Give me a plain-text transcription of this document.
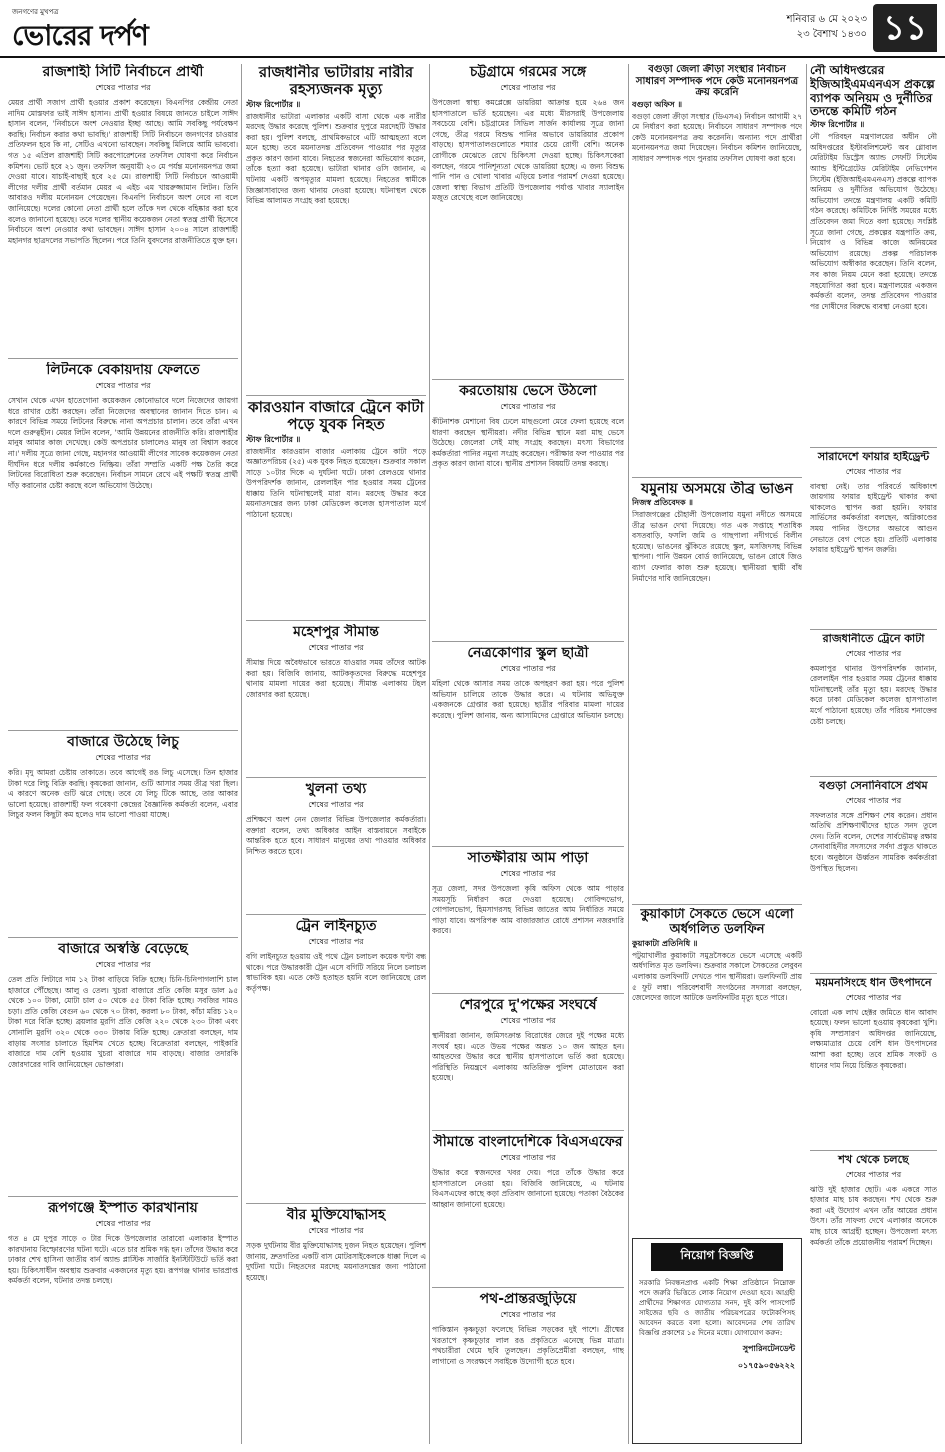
জনগণের মুখপত্র
ভোরের দর্পণ	শনিবার ৬ মে ২০২৩
২৩ বৈশাখ ১৪৩০ ১১
রাজশাহী সিটি নির্বাচনে প্রার্থী
শেষের পাতার পর

মেয়র প্রার্থী সজাগ প্রার্থী হওয়ার প্রকাশ করেছেন। বিএনপির কেন্দ্রীয় নেতা নাদিম মোস্তফার ভাই সাঈদ হাসান। প্রার্থী হওয়ার বিষয়ে জানতে চাইলে সাঈদ হাসান বলেন, 'নির্বাচনে অংশ নেওয়ার ইচ্ছা আছে। আমি সবকিছু পর্যবেক্ষণ করছি। নির্বাচন করার কথা ভাবছি।' রাজশাহী সিটি নির্বাচনে জনগণের চাওয়ার প্রতিফলন হবে কি না, সেটিও এখনো ভাবছেন। সবকিছু মিলিয়ে আমি ভাববো। গত ১৫ এপ্রিল রাজশাহী সিটি করপোরেশনের তফসিল ঘোষণা করে নির্বাচন কমিশন। ভোট হবে ২১ জুন। তফসিল অনুযায়ী ২৩ মে পর্যন্ত মনোনয়নপত্র জমা দেওয়া যাবে। যাচাই-বাছাই হবে ২৫ মে। রাজশাহী সিটি নির্বাচনে আওয়ামী লীগের দলীয় প্রার্থী বর্তমান মেয়র এ এইচ এম খায়রুজ্জামান লিটন। তিনি আবারও দলীয় মনোনয়ন পেয়েছেন। বিএনপি নির্বাচনে অংশ নেবে না বলে জানিয়েছে। দলের কোনো নেতা প্রার্থী হলে তাঁকে দল থেকে বহিষ্কার করা হবে বলেও জানানো হয়েছে। তবে দলের স্থানীয় কয়েকজন নেতা স্বতন্ত্র প্রার্থী হিসেবে নির্বাচনে অংশ নেওয়ার কথা ভাবছেন। সাঈদ হাসান ২০০৪ সালে রাজশাহী মহানগর ছাত্রদলের সভাপতি ছিলেন। পরে তিনি যুবদলের রাজনীতিতে যুক্ত হন।

লিটনকে বেকায়দায় ফেলতে
শেষের পাতার পর

সেখান থেকে এখন হাতেগোনা কয়েকজন কোনোভাবে দলে নিজেদের জায়গা ধরে রাখার চেষ্টা করছেন। তাঁরা নিজেদের অবস্থানের জানান দিতে চান। এ কারণে বিভিন্ন সময়ে লিটনের বিরুদ্ধে নানা অপপ্রচার চালান। তবে তাঁরা এখন দলে গুরুত্বহীন। মেয়র লিটন বলেন, 'আমি উন্নয়নের রাজনীতি করি। রাজশাহীর মানুষ আমার কাজ দেখেছে। কেউ অপপ্রচার চালালেও মানুষ তা বিশ্বাস করবে না।' দলীয় সূত্রে জানা গেছে, মহানগর আওয়ামী লীগের সাবেক কয়েকজন নেতা দীর্ঘদিন ধরে দলীয় কর্মকাণ্ডে নিষ্ক্রিয়। তাঁরা সম্প্রতি একটি পক্ষ তৈরি করে লিটনের বিরোধিতা শুরু করেছেন। নির্বাচন সামনে রেখে এই পক্ষটি স্বতন্ত্র প্রার্থী দাঁড় করানোর চেষ্টা করছে বলে অভিযোগ উঠেছে।

বাজারে উঠেছে লিচু
শেষের পাতার পর

করি। মৃদু আমরা চেষ্টায় তাকাতে। তবে আগেই রঙ লিচু এসেছে। তিন হাজার টাকা দরে লিচু বিক্রি করছি। কৃষকেরা জানান, গুটি আসার সময় তীব্র খরা ছিল। এ কারণে অনেক গুটি ঝরে গেছে। তবে যে লিচু টিকে আছে, তার আকার ভালো হয়েছে। রাজশাহী ফল গবেষণা কেন্দ্রের বৈজ্ঞানিক কর্মকর্তা বলেন, এবার লিচুর ফলন কিছুটা কম হলেও দাম ভালো পাওয়া যাচ্ছে।

বাজারে অস্বস্তি বেড়েছে
শেষের পাতার পর

তেল প্রতি লিটারে দাম ১২ টাকা বাড়িয়ে বিক্রি হচ্ছে। চিনি-চিনিপাগলাশি চাল হাজারে পৌঁছেছে। আলু ও তেল। খুচরা বাজারে প্রতি কেজি মসুর ডাল ৯৫ থেকে ১০০ টাকা, মোটা চাল ৫০ থেকে ৫৫ টাকা বিক্রি হচ্ছে। সবজির দামও চড়া। প্রতি কেজি বেগুন ৬০ থেকে ৭০ টাকা, করলা ৮০ টাকা, কাঁচা মরিচ ১২০ টাকা দরে বিক্রি হচ্ছে। ব্রয়লার মুরগি প্রতি কেজি ২২০ থেকে ২৩০ টাকা এবং সোনালি মুরগি ৩২০ থেকে ৩৩০ টাকায় বিক্রি হচ্ছে। ক্রেতারা বলছেন, দাম বাড়ায় সংসার চালাতে হিমশিম খেতে হচ্ছে। বিক্রেতারা বলছেন, পাইকারি বাজারে দাম বেশি হওয়ায় খুচরা বাজারে দাম বাড়ছে। বাজার তদারকি জোরদারের দাবি জানিয়েছেন ভোক্তারা।

রূপগঞ্জে ইস্পাত কারখানায়
শেষের পাতার পর

গত ৪ মে দুপুর সাড়ে ৩ টার দিকে উপজেলার তারাবো এলাকার ইস্পাত কারখানায় বিস্ফোরণের ঘটনা ঘটে। এতে চার শ্রমিক দগ্ধ হন। তাঁদের উদ্ধার করে ঢাকার শেখ হাসিনা জাতীয় বার্ন অ্যান্ড প্লাস্টিক সার্জারি ইনস্টিটিউটে ভর্তি করা হয়। চিকিৎসাধীন অবস্থায় শুক্রবার একজনের মৃত্যু হয়। রূপগঞ্জ থানার ভারপ্রাপ্ত কর্মকর্তা বলেন, ঘটনার তদন্ত চলছে।

রাজধানীর ভাটারায় নারীর রহস্যজনক মৃত্যু
স্টাফ রিপোর্টার ॥

রাজধানীর ভাটারা এলাকার একটি বাসা থেকে এক নারীর মরদেহ উদ্ধার করেছে পুলিশ। শুক্রবার দুপুরে মরদেহটি উদ্ধার করা হয়। পুলিশ বলছে, প্রাথমিকভাবে এটি আত্মহত্যা বলে মনে হচ্ছে। তবে ময়নাতদন্ত প্রতিবেদন পাওয়ার পর মৃত্যুর প্রকৃত কারণ জানা যাবে। নিহতের স্বজনেরা অভিযোগ করেন, তাঁকে হত্যা করা হয়েছে। ভাটারা থানার ওসি জানান, এ ঘটনায় একটি অপমৃত্যুর মামলা হয়েছে। নিহতের স্বামীকে জিজ্ঞাসাবাদের জন্য থানায় নেওয়া হয়েছে। ঘটনাস্থল থেকে বিভিন্ন আলামত সংগ্রহ করা হয়েছে।

কারওয়ান বাজারে ট্রেনে কাটা পড়ে যুবক নিহত
স্টাফ রিপোর্টার ॥

রাজধানীর কারওয়ান বাজার এলাকায় ট্রেনে কাটা পড়ে অজ্ঞাতপরিচয় (২৫) এক যুবক নিহত হয়েছেন। শুক্রবার সকাল সাড়ে ১০টার দিকে এ দুর্ঘটনা ঘটে। ঢাকা রেলওয়ে থানার উপপরিদর্শক জানান, রেললাইন পার হওয়ার সময় ট্রেনের ধাক্কায় তিনি ঘটনাস্থলেই মারা যান। মরদেহ উদ্ধার করে ময়নাতদন্তের জন্য ঢাকা মেডিকেল কলেজ হাসপাতাল মর্গে পাঠানো হয়েছে।

মহেশপুর সীমান্ত
শেষের পাতার পর

সীমান্ত দিয়ে অবৈধভাবে ভারতে যাওয়ার সময় তাঁদের আটক করা হয়। বিজিবি জানায়, আটককৃতদের বিরুদ্ধে মহেশপুর থানায় মামলা দায়ের করা হয়েছে। সীমান্ত এলাকায় টহল জোরদার করা হয়েছে।

খুলনা তথ্য
শেষের পাতার পর

প্রশিক্ষণে অংশ নেন জেলার বিভিন্ন উপজেলার কর্মকর্তারা। বক্তারা বলেন, তথ্য অধিকার আইন বাস্তবায়নে সবাইকে আন্তরিক হতে হবে। সাধারণ মানুষের তথ্য পাওয়ার অধিকার নিশ্চিত করতে হবে।

ট্রেন লাইনচ্যুত
শেষের পাতার পর

বগি লাইনচ্যুত হওয়ায় ওই পথে ট্রেন চলাচল কয়েক ঘণ্টা বন্ধ থাকে। পরে উদ্ধারকারী ট্রেন এসে বগিটি সরিয়ে নিলে চলাচল স্বাভাবিক হয়। এতে কেউ হতাহত হয়নি বলে জানিয়েছে রেল কর্তৃপক্ষ।

বীর মুক্তিযোদ্ধাসহ
শেষের পাতার পর

সড়ক দুর্ঘটনায় বীর মুক্তিযোদ্ধাসহ দুজন নিহত হয়েছেন। পুলিশ জানায়, দ্রুতগতির একটি বাস মোটরসাইকেলকে ধাক্কা দিলে এ দুর্ঘটনা ঘটে। নিহতদের মরদেহ ময়নাতদন্তের জন্য পাঠানো হয়েছে।

চট্টগ্রামে গরমের সঙ্গে
শেষের পাতার পর

উপজেলা স্বাস্থ্য কমপ্লেক্সে ডায়রিয়া আক্রান্ত হয়ে ২৬৪ জন হাসপাতালে ভর্তি হয়েছেন। এর মধ্যে মীরসরাই উপজেলায় সবচেয়ে বেশি। চট্টগ্রামের সিভিল সার্জন কার্যালয় সূত্রে জানা গেছে, তীব্র গরমে বিশুদ্ধ পানির অভাবে ডায়রিয়ার প্রকোপ বাড়ছে। হাসপাতালগুলোতে শয্যার চেয়ে রোগী বেশি। অনেক রোগীকে মেঝেতে রেখে চিকিৎসা দেওয়া হচ্ছে। চিকিৎসকেরা বলছেন, গরমে পানিশূন্যতা থেকে ডায়রিয়া হচ্ছে। এ জন্য বিশুদ্ধ পানি পান ও খোলা খাবার এড়িয়ে চলার পরামর্শ দেওয়া হয়েছে। জেলা স্বাস্থ্য বিভাগ প্রতিটি উপজেলায় পর্যাপ্ত খাবার স্যালাইন মজুত রেখেছে বলে জানিয়েছে।

করতোয়ায় ভেসে উঠলো
শেষের পাতার পর

কীটনাশক মেশানো বিষ ঢেলে মাছগুলো মেরে ফেলা হয়েছে বলে ধারণা করছেন স্থানীয়রা। নদীর বিভিন্ন স্থানে মরা মাছ ভেসে উঠেছে। জেলেরা সেই মাছ সংগ্রহ করছেন। মৎস্য বিভাগের কর্মকর্তারা পানির নমুনা সংগ্রহ করেছেন। পরীক্ষার ফল পাওয়ার পর প্রকৃত কারণ জানা যাবে। স্থানীয় প্রশাসন বিষয়টি তদন্ত করছে।

নেত্রকোণার স্কুল ছাত্রী
শেষের পাতার পর

মহিলা থেকে আসার সময় তাকে অপহরণ করা হয়। পরে পুলিশ অভিযান চালিয়ে তাকে উদ্ধার করে। এ ঘটনায় অভিযুক্ত একজনকে গ্রেপ্তার করা হয়েছে। ছাত্রীর পরিবার মামলা দায়ের করেছে। পুলিশ জানায়, অন্য আসামিদের গ্রেপ্তারে অভিযান চলছে।

সাতক্ষীরায় আম পাড়া
শেষের পাতার পর

সূত্র জেলা, সদর উপজেলা কৃষি অফিস থেকে আম পাড়ার সময়সূচি নির্ধারণ করে দেওয়া হয়েছে। গোবিন্দভোগ, গোপালভোগ, হিমসাগরসহ বিভিন্ন জাতের আম নির্ধারিত সময়ে পাড়া যাবে। অপরিপক্ব আম বাজারজাত রোধে প্রশাসন নজরদারি করবে।

শেরপুরে দু'পক্ষের সংঘর্ষে
শেষের পাতার পর

স্থানীয়রা জানান, জমিসংক্রান্ত বিরোধের জেরে দুই পক্ষের মধ্যে সংঘর্ষ হয়। এতে উভয় পক্ষের অন্তত ১০ জন আহত হন। আহতদের উদ্ধার করে স্থানীয় হাসপাতালে ভর্তি করা হয়েছে। পরিস্থিতি নিয়ন্ত্রণে এলাকায় অতিরিক্ত পুলিশ মোতায়েন করা হয়েছে।

সীমান্তে বাংলাদেশিকে বিএসএফের
শেষের পাতার পর

উদ্ধার করে স্বজনদের খবর দেয়। পরে তাঁকে উদ্ধার করে হাসপাতালে নেওয়া হয়। বিজিবি জানিয়েছে, এ ঘটনায় বিএসএফের কাছে কড়া প্রতিবাদ জানানো হয়েছে। পতাকা বৈঠকের আহ্বান জানানো হয়েছে।

পথ-প্রান্তরজুড়িয়ে
শেষের পাতার পর

পাকিস্তান কৃষ্ণচূড়া ফলেছে বিভিন্ন সড়কের দুই পাশে। গ্রীষ্মের খরতাপে কৃষ্ণচূড়ার লাল রঙ প্রকৃতিতে এনেছে ভিন্ন মাত্রা। পথচারীরা থেমে ছবি তুলছেন। প্রকৃতিপ্রেমীরা বলছেন, গাছ লাগানো ও সংরক্ষণে সবাইকে উদ্যোগী হতে হবে।

বগুড়া জেলা ক্রীড়া সংস্থার নির্বাচন সাধারণ সম্পাদক পদে কেউ মনোনয়নপত্র ক্রয় করেনি
বগুড়া অফিস ॥

বগুড়া জেলা ক্রীড়া সংস্থার (ডিএসএ) নির্বাচন আগামী ২৭ মে নির্ধারণ করা হয়েছে। নির্বাচনে সাধারণ সম্পাদক পদে কেউ মনোনয়নপত্র ক্রয় করেননি। অন্যান্য পদে প্রার্থীরা মনোনয়নপত্র জমা দিয়েছেন। নির্বাচন কমিশন জানিয়েছে, সাধারণ সম্পাদক পদে পুনরায় তফসিল ঘোষণা করা হবে।

যমুনায় অসময়ে তীব্র ভাঙন
নিজস্ব প্রতিবেদক ॥

সিরাজগঞ্জের চৌহালী উপজেলায় যমুনা নদীতে অসময়ে তীব্র ভাঙন দেখা দিয়েছে। গত এক সপ্তাহে শতাধিক বসতবাড়ি, ফসলি জমি ও গাছপালা নদীগর্ভে বিলীন হয়েছে। ভাঙনের ঝুঁকিতে রয়েছে স্কুল, মসজিদসহ বিভিন্ন স্থাপনা। পানি উন্নয়ন বোর্ড জানিয়েছে, ভাঙন রোধে জিও ব্যাগ ফেলার কাজ শুরু হয়েছে। স্থানীয়রা স্থায়ী বাঁধ নির্মাণের দাবি জানিয়েছেন।

কুয়াকাটা সৈকতে ভেসে এলো অর্ধগলিত ডলফিন
কুয়াকাটা প্রতিনিধি ॥

পটুয়াখালীর কুয়াকাটা সমুদ্রসৈকতে ভেসে এসেছে একটি অর্ধগলিত মৃত ডলফিন। শুক্রবার সকালে সৈকতের লেবুবন এলাকায় ডলফিনটি দেখতে পান স্থানীয়রা। ডলফিনটি প্রায় ৫ ফুট লম্বা। পরিবেশবাদী সংগঠনের সদস্যরা বলছেন, জেলেদের জালে আটকে ডলফিনটির মৃত্যু হতে পারে।

নিয়োগ বিজ্ঞপ্তি

সরকারি নিবন্ধনপ্রাপ্ত একটি শিক্ষা প্রতিষ্ঠানে নিম্নোক্ত পদে জরুরি ভিত্তিতে লোক নিয়োগ দেওয়া হবে। আগ্রহী প্রার্থীদের শিক্ষাগত যোগ্যতার সনদ, দুই কপি পাসপোর্ট সাইজের ছবি ও জাতীয় পরিচয়পত্রের ফটোকপিসহ আবেদন করতে বলা হলো। আবেদনের শেষ তারিখ বিজ্ঞপ্তি প্রকাশের ১৫ দিনের মধ্যে। যোগাযোগ করুন:

সুপারিনটেনডেন্ট
০১৭৫৯০৫৬২২২
নৌ অধিদপ্তরের ইজিআইএমএনএস প্রকল্পে ব্যাপক অনিয়ম ও দুর্নীতির তদন্তে কমিটি গঠন
স্টাফ রিপোর্টার ॥

নৌ পরিবহন মন্ত্রণালয়ের অধীন নৌ অধিদপ্তরের ইস্টাবলিশমেন্ট অব গ্লোবাল মেরিটাইম ডিস্ট্রেস অ্যান্ড সেফটি সিস্টেম অ্যান্ড ইন্টিগ্রেটেড মেরিটাইম নেভিগেশন সিস্টেম (ইজিআইএমএনএস) প্রকল্পে ব্যাপক অনিয়ম ও দুর্নীতির অভিযোগ উঠেছে। অভিযোগ তদন্তে মন্ত্রণালয় একটি কমিটি গঠন করেছে। কমিটিকে নির্দিষ্ট সময়ের মধ্যে প্রতিবেদন জমা দিতে বলা হয়েছে। সংশ্লিষ্ট সূত্রে জানা গেছে, প্রকল্পের যন্ত্রপাতি ক্রয়, নিয়োগ ও বিভিন্ন কাজে অনিয়মের অভিযোগ রয়েছে। প্রকল্প পরিচালক অভিযোগ অস্বীকার করেছেন। তিনি বলেন, সব কাজ নিয়ম মেনে করা হয়েছে। তদন্তে সহযোগিতা করা হবে। মন্ত্রণালয়ের একজন কর্মকর্তা বলেন, তদন্ত প্রতিবেদন পাওয়ার পর দোষীদের বিরুদ্ধে ব্যবস্থা নেওয়া হবে।

সারাদেশে ফায়ার হাইড্রেন্ট
শেষের পাতার পর

বাবস্থা নেই। তার পরিবর্তে অধিকাংশ জায়গায় ফায়ার হাইড্রেন্ট থাকার কথা থাকলেও স্থাপন করা হয়নি। ফায়ার সার্ভিসের কর্মকর্তারা বলছেন, অগ্নিকাণ্ডের সময় পানির উৎসের অভাবে আগুন নেভাতে বেগ পেতে হয়। প্রতিটি এলাকায় ফায়ার হাইড্রেন্ট স্থাপন জরুরি।

রাজধানীতে ট্রেনে কাটা
শেষের পাতার পর

কমলাপুর থানার উপপরিদর্শক জানান, রেললাইন পার হওয়ার সময় ট্রেনের ধাক্কায় ঘটনাস্থলেই তাঁর মৃত্যু হয়। মরদেহ উদ্ধার করে ঢাকা মেডিকেল কলেজ হাসপাতাল মর্গে পাঠানো হয়েছে। তাঁর পরিচয় শনাক্তের চেষ্টা চলছে।

বগুড়া সেনানিবাসে প্রথম
শেষের পাতার পর

সফলতার সঙ্গে প্রশিক্ষণ শেষ করেন। প্রধান অতিথি প্রশিক্ষণার্থীদের হাতে সনদ তুলে দেন। তিনি বলেন, দেশের সার্বভৌমত্ব রক্ষায় সেনাবাহিনীর সদস্যদের সর্বদা প্রস্তুত থাকতে হবে। অনুষ্ঠানে ঊর্ধ্বতন সামরিক কর্মকর্তারা উপস্থিত ছিলেন।

ময়মনসিংহে ধান উৎপাদনে
শেষের পাতার পর

বোরো এক লাখ হেক্টর জমিতে ধান আবাদ হয়েছে। ফলন ভালো হওয়ায় কৃষকেরা খুশি। কৃষি সম্প্রসারণ অধিদপ্তর জানিয়েছে, লক্ষ্যমাত্রার চেয়ে বেশি ধান উৎপাদনের আশা করা হচ্ছে। তবে শ্রমিক সংকট ও ধানের দাম নিয়ে চিন্তিত কৃষকেরা।

শখ থেকে চলছে
শেষের পাতার পর

ঝাউ দুই হাজার ছোট। এক একরে সাত হাজার মাছ চাষ করছেন। শখ থেকে শুরু করা এই উদ্যোগ এখন তাঁর আয়ের প্রধান উৎস। তাঁর সাফল্য দেখে এলাকার অনেকে মাছ চাষে আগ্রহী হচ্ছেন। উপজেলা মৎস্য কর্মকর্তা তাঁকে প্রয়োজনীয় পরামর্শ দিচ্ছেন।
